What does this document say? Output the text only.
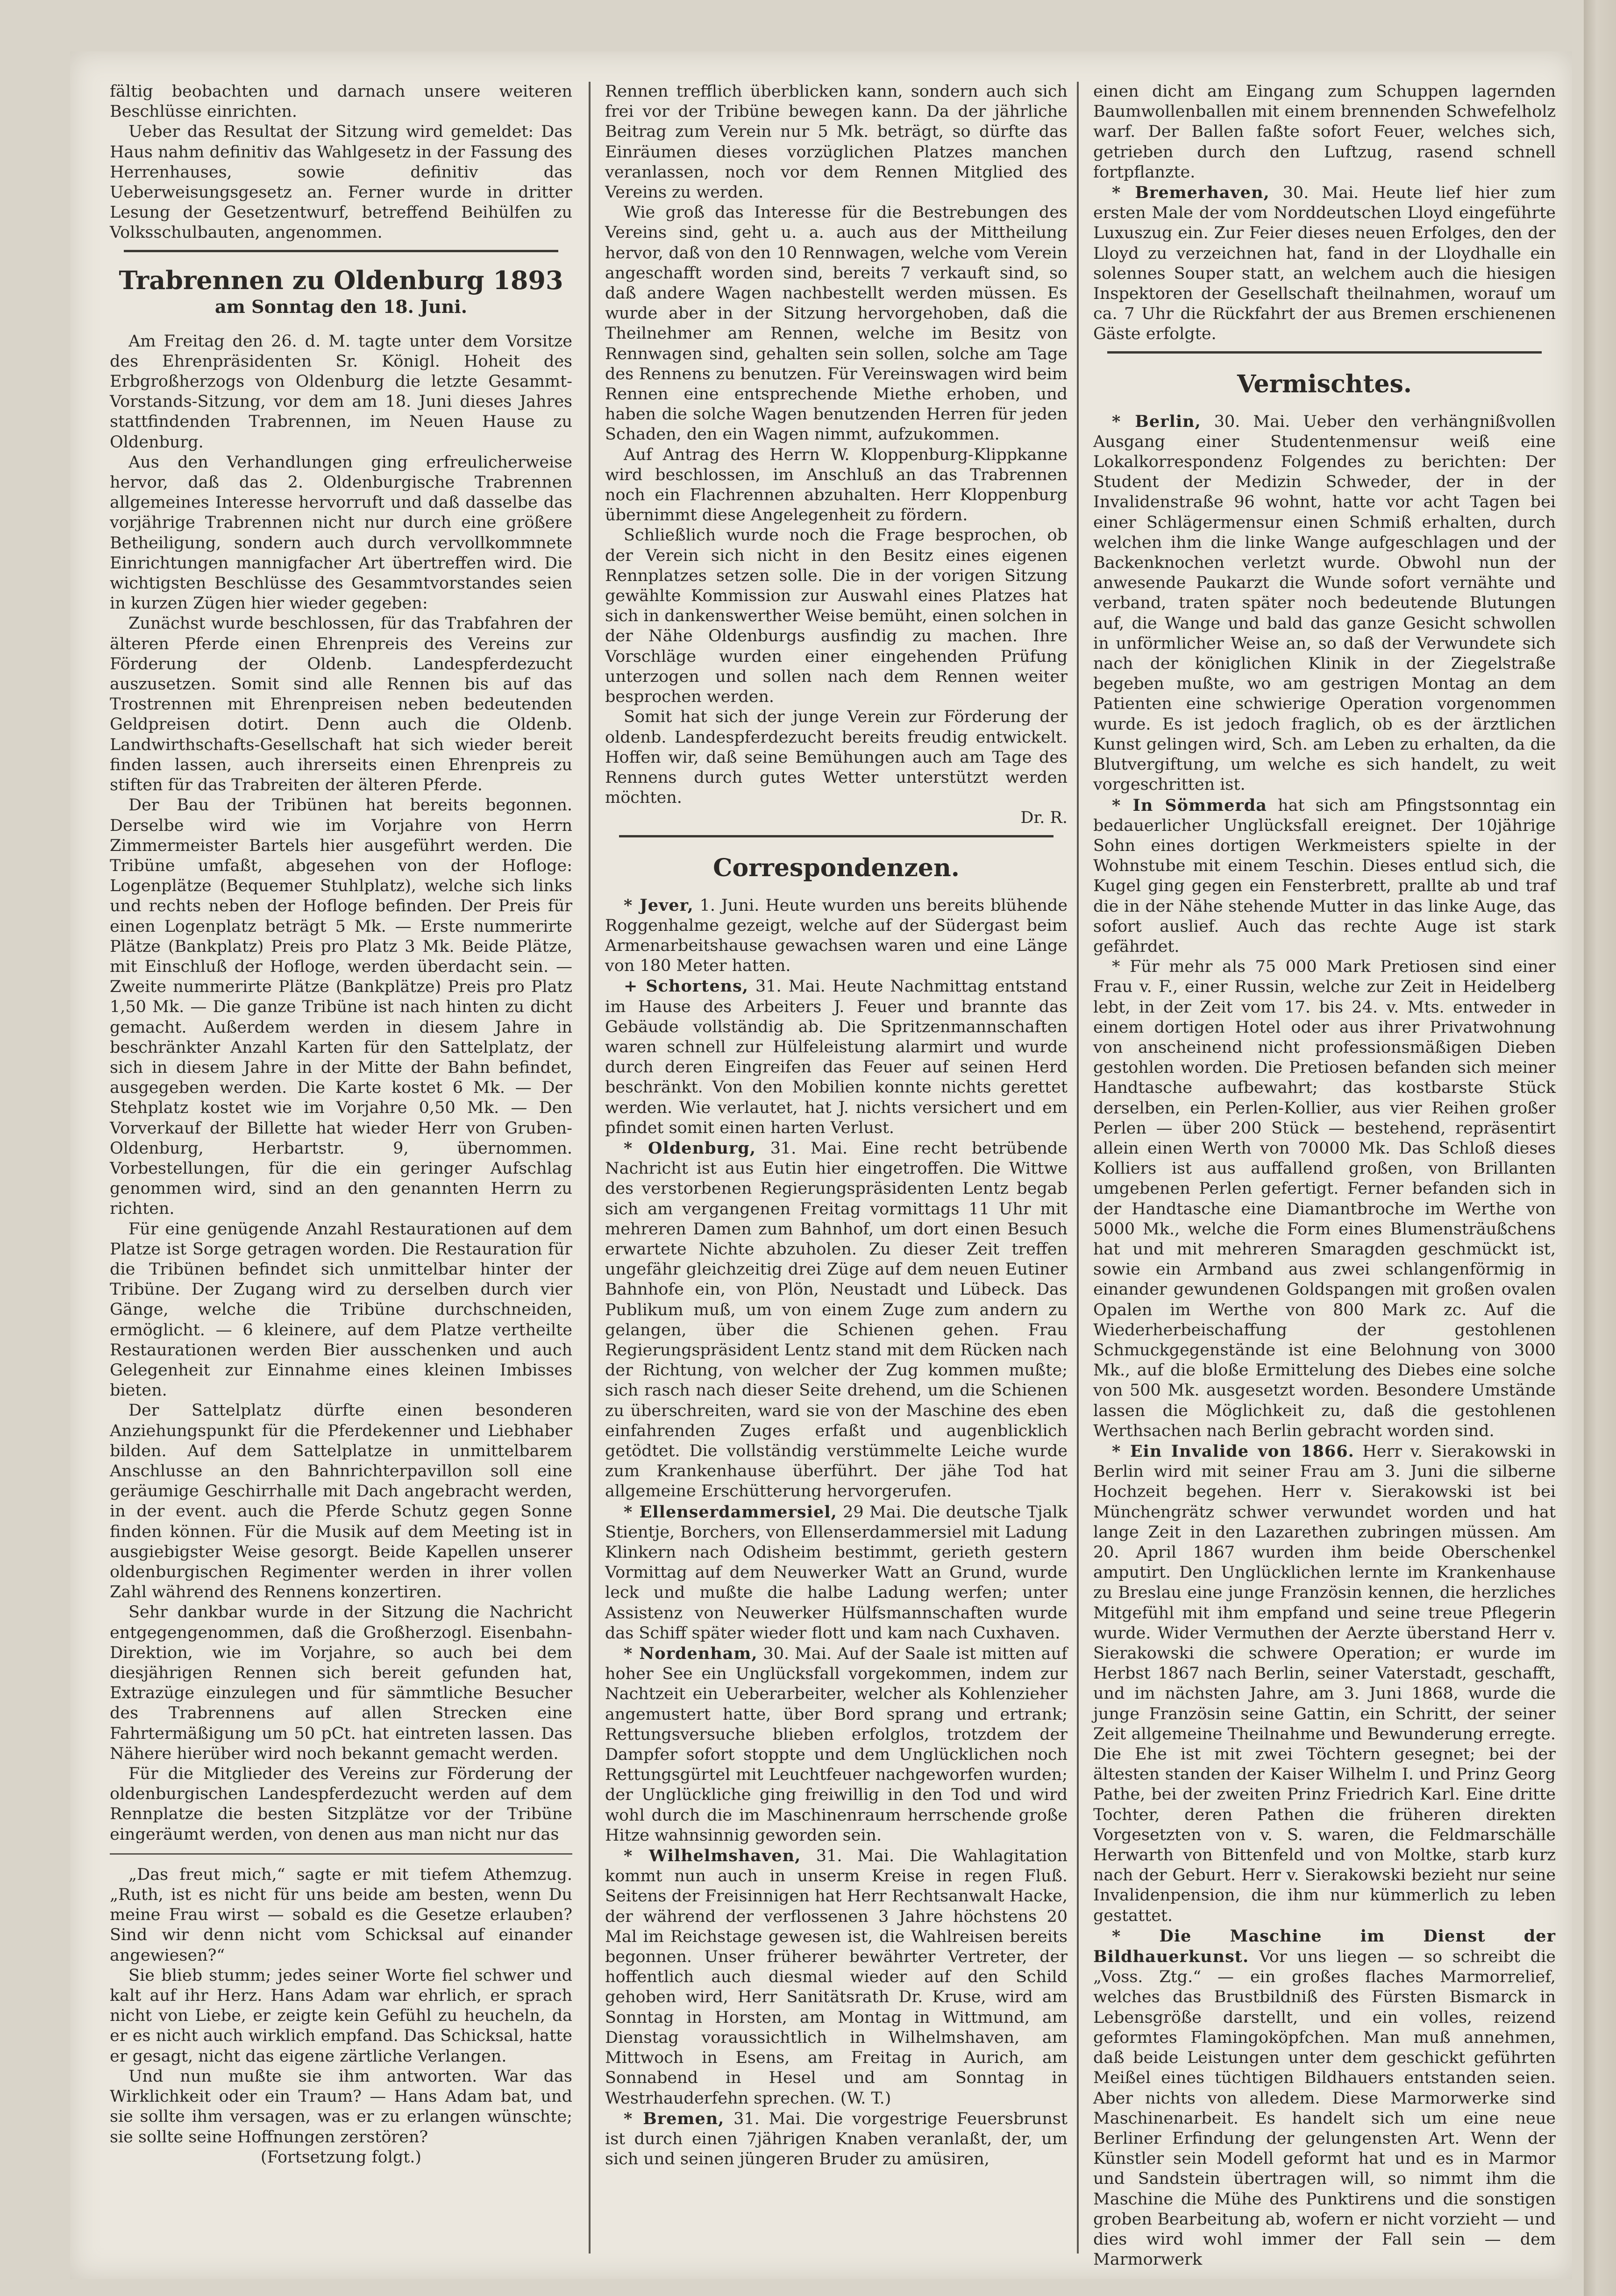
fältig beobachten und darnach unsere weiteren Beschlüsse einrichten.

Ueber das Resultat der Sitzung wird gemeldet: Das Haus nahm definitiv das Wahlgesetz in der Fassung des Herrenhauses, sowie definitiv das Ueberweisungsgesetz an. Ferner wurde in dritter Lesung der Gesetzentwurf, betreffend Beihülfen zu Volksschulbauten, angenommen.

Trabrennen zu Oldenburg 1893
am Sonntag den 18. Juni.

Am Freitag den 26. d. M. tagte unter dem Vorsitze des Ehrenpräsidenten Sr. Königl. Hoheit des Erbgroßherzogs von Oldenburg die letzte Gesammt-Vorstands-Sitzung, vor dem am 18. Juni dieses Jahres stattfindenden Trabrennen, im Neuen Hause zu Oldenburg.

Aus den Verhandlungen ging erfreulicherweise hervor, daß das 2. Oldenburgische Trabrennen allgemeines Interesse hervorruft und daß dasselbe das vorjährige Trabrennen nicht nur durch eine größere Betheiligung, sondern auch durch vervollkommnete Einrichtungen mannigfacher Art übertreffen wird. Die wichtigsten Beschlüsse des Gesammtvorstandes seien in kurzen Zügen hier wieder gegeben:

Zunächst wurde beschlossen, für das Trabfahren der älteren Pferde einen Ehrenpreis des Vereins zur Förderung der Oldenb. Landespferdezucht auszusetzen. Somit sind alle Rennen bis auf das Trostrennen mit Ehrenpreisen neben bedeutenden Geldpreisen dotirt. Denn auch die Oldenb. Landwirthschafts-Gesellschaft hat sich wieder bereit finden lassen, auch ihrerseits einen Ehrenpreis zu stiften für das Trabreiten der älteren Pferde.

Der Bau der Tribünen hat bereits begonnen. Derselbe wird wie im Vorjahre von Herrn Zimmermeister Bartels hier ausgeführt werden. Die Tribüne umfaßt, abgesehen von der Hofloge: Logenplätze (Bequemer Stuhlplatz), welche sich links und rechts neben der Hofloge befinden. Der Preis für einen Logenplatz beträgt 5 Mk. — Erste nummerirte Plätze (Bankplatz) Preis pro Platz 3 Mk. Beide Plätze, mit Einschluß der Hofloge, werden überdacht sein. — Zweite nummerirte Plätze (Bankplätze) Preis pro Platz 1,50 Mk. — Die ganze Tribüne ist nach hinten zu dicht gemacht. Außerdem werden in diesem Jahre in beschränkter Anzahl Karten für den Sattelplatz, der sich in diesem Jahre in der Mitte der Bahn befindet, ausgegeben werden. Die Karte kostet 6 Mk. — Der Stehplatz kostet wie im Vorjahre 0,50 Mk. — Den Vorverkauf der Billette hat wieder Herr von Gruben-Oldenburg, Herbartstr. 9, übernommen. Vorbestellungen, für die ein geringer Aufschlag genommen wird, sind an den genannten Herrn zu richten.

Für eine genügende Anzahl Restaurationen auf dem Platze ist Sorge getragen worden. Die Restauration für die Tribünen befindet sich unmittelbar hinter der Tribüne. Der Zugang wird zu derselben durch vier Gänge, welche die Tribüne durchschneiden, ermöglicht. — 6 kleinere, auf dem Platze vertheilte Restaurationen werden Bier ausschenken und auch Gelegenheit zur Einnahme eines kleinen Imbisses bieten.

Der Sattelplatz dürfte einen besonderen Anziehungspunkt für die Pferdekenner und Liebhaber bilden. Auf dem Sattelplatze in unmittelbarem Anschlusse an den Bahnrichterpavillon soll eine geräumige Geschirrhalle mit Dach angebracht werden, in der event. auch die Pferde Schutz gegen Sonne finden können. Für die Musik auf dem Meeting ist in ausgiebigster Weise gesorgt. Beide Kapellen unserer oldenburgischen Regimenter werden in ihrer vollen Zahl während des Rennens konzertiren.

Sehr dankbar wurde in der Sitzung die Nachricht entgegengenommen, daß die Großherzogl. Eisenbahn-Direktion, wie im Vorjahre, so auch bei dem diesjährigen Rennen sich bereit gefunden hat, Extrazüge einzulegen und für sämmtliche Besucher des Trabrennens auf allen Strecken eine Fahrtermäßigung um 50 pCt. hat eintreten lassen. Das Nähere hierüber wird noch bekannt gemacht werden.

Für die Mitglieder des Vereins zur Förderung der oldenburgischen Landespferdezucht werden auf dem Rennplatze die besten Sitzplätze vor der Tribüne eingeräumt werden, von denen aus man nicht nur das

„Das freut mich,“ sagte er mit tiefem Athemzug. „Ruth, ist es nicht für uns beide am besten, wenn Du meine Frau wirst — sobald es die Gesetze erlauben? Sind wir denn nicht vom Schicksal auf einander angewiesen?“

Sie blieb stumm; jedes seiner Worte fiel schwer und kalt auf ihr Herz. Hans Adam war ehrlich, er sprach nicht von Liebe, er zeigte kein Gefühl zu heucheln, da er es nicht auch wirklich empfand. Das Schicksal, hatte er gesagt, nicht das eigene zärtliche Verlangen.

Und nun mußte sie ihm antworten. War das Wirklichkeit oder ein Traum? — Hans Adam bat, und sie sollte ihm versagen, was er zu erlangen wünschte; sie sollte seine Hoffnungen zerstören?

(Fortsetzung folgt.)

Rennen trefflich überblicken kann, sondern auch sich frei vor der Tribüne bewegen kann. Da der jährliche Beitrag zum Verein nur 5 Mk. beträgt, so dürfte das Einräumen dieses vorzüglichen Platzes manchen veranlassen, noch vor dem Rennen Mitglied des Vereins zu werden.

Wie groß das Interesse für die Bestrebungen des Vereins sind, geht u. a. auch aus der Mittheilung hervor, daß von den 10 Rennwagen, welche vom Verein angeschafft worden sind, bereits 7 verkauft sind, so daß andere Wagen nachbestellt werden müssen. Es wurde aber in der Sitzung hervorgehoben, daß die Theilnehmer am Rennen, welche im Besitz von Rennwagen sind, gehalten sein sollen, solche am Tage des Rennens zu benutzen. Für Vereinswagen wird beim Rennen eine entsprechende Miethe erhoben, und haben die solche Wagen benutzenden Herren für jeden Schaden, den ein Wagen nimmt, aufzukommen.

Auf Antrag des Herrn W. Kloppenburg-Klippkanne wird beschlossen, im Anschluß an das Trabrennen noch ein Flachrennen abzuhalten. Herr Kloppenburg übernimmt diese Angelegenheit zu fördern.

Schließlich wurde noch die Frage besprochen, ob der Verein sich nicht in den Besitz eines eigenen Rennplatzes setzen solle. Die in der vorigen Sitzung gewählte Kommission zur Auswahl eines Platzes hat sich in dankenswerther Weise bemüht, einen solchen in der Nähe Oldenburgs ausfindig zu machen. Ihre Vorschläge wurden einer eingehenden Prüfung unterzogen und sollen nach dem Rennen weiter besprochen werden.

Somit hat sich der junge Verein zur Förderung der oldenb. Landespferdezucht bereits freudig entwickelt. Hoffen wir, daß seine Bemühungen auch am Tage des Rennens durch gutes Wetter unterstützt werden möchten.

Dr. R.

Correspondenzen.

* Jever, 1. Juni. Heute wurden uns bereits blühende Roggenhalme gezeigt, welche auf der Südergast beim Armenarbeitshause gewachsen waren und eine Länge von 180 Meter hatten.

+ Schortens, 31. Mai. Heute Nachmittag entstand im Hause des Arbeiters J. Feuer und brannte das Gebäude vollständig ab. Die Spritzenmannschaften waren schnell zur Hülfeleistung alarmirt und wurde durch deren Eingreifen das Feuer auf seinen Herd beschränkt. Von den Mobilien konnte nichts gerettet werden. Wie verlautet, hat J. nichts versichert und em pfindet somit einen harten Verlust.

* Oldenburg, 31. Mai. Eine recht betrübende Nachricht ist aus Eutin hier eingetroffen. Die Wittwe des verstorbenen Regierungspräsidenten Lentz begab sich am vergangenen Freitag vormittags 11 Uhr mit mehreren Damen zum Bahnhof, um dort einen Besuch erwartete Nichte abzuholen. Zu dieser Zeit treffen ungefähr gleichzeitig drei Züge auf dem neuen Eutiner Bahnhofe ein, von Plön, Neustadt und Lübeck. Das Publikum muß, um von einem Zuge zum andern zu gelangen, über die Schienen gehen. Frau Regierungspräsident Lentz stand mit dem Rücken nach der Richtung, von welcher der Zug kommen mußte; sich rasch nach dieser Seite drehend, um die Schienen zu überschreiten, ward sie von der Maschine des eben einfahrenden Zuges erfaßt und augenblicklich getödtet. Die vollständig verstümmelte Leiche wurde zum Krankenhause überführt. Der jähe Tod hat allgemeine Erschütterung hervorgerufen.

* Ellenserdammersiel, 29 Mai. Die deutsche Tjalk Stientje, Borchers, von Ellenserdammersiel mit Ladung Klinkern nach Odisheim bestimmt, gerieth gestern Vormittag auf dem Neuwerker Watt an Grund, wurde leck und mußte die halbe Ladung werfen; unter Assistenz von Neuwerker Hülfsmannschaften wurde das Schiff später wieder flott und kam nach Cuxhaven.

* Nordenham, 30. Mai. Auf der Saale ist mitten auf hoher See ein Unglücksfall vorgekommen, indem zur Nachtzeit ein Ueberarbeiter, welcher als Kohlenzieher angemustert hatte, über Bord sprang und ertrank; Rettungsversuche blieben erfolglos, trotzdem der Dampfer sofort stoppte und dem Unglücklichen noch Rettungsgürtel mit Leuchtfeuer nachgeworfen wurden; der Unglückliche ging freiwillig in den Tod und wird wohl durch die im Maschinenraum herrschende große Hitze wahnsinnig geworden sein.

* Wilhelmshaven, 31. Mai. Die Wahlagitation kommt nun auch in unserm Kreise in regen Fluß. Seitens der Freisinnigen hat Herr Rechtsanwalt Hacke, der während der verflossenen 3 Jahre höchstens 20 Mal im Reichstage gewesen ist, die Wahlreisen bereits begonnen. Unser früherer bewährter Vertreter, der hoffentlich auch diesmal wieder auf den Schild gehoben wird, Herr Sanitätsrath Dr. Kruse, wird am Sonntag in Horsten, am Montag in Wittmund, am Dienstag voraussichtlich in Wilhelmshaven, am Mittwoch in Esens, am Freitag in Aurich, am Sonnabend in Hesel und am Sonntag in Westrhauderfehn sprechen. (W. T.)

* Bremen, 31. Mai. Die vorgestrige Feuersbrunst ist durch einen 7jährigen Knaben veranlaßt, der, um sich und seinen jüngeren Bruder zu amüsiren,

einen dicht am Eingang zum Schuppen lagernden Baumwollenballen mit einem brennenden Schwefelholz warf. Der Ballen faßte sofort Feuer, welches sich, getrieben durch den Luftzug, rasend schnell fortpflanzte.

* Bremerhaven, 30. Mai. Heute lief hier zum ersten Male der vom Norddeutschen Lloyd eingeführte Luxuszug ein. Zur Feier dieses neuen Erfolges, den der Lloyd zu verzeichnen hat, fand in der Lloydhalle ein solennes Souper statt, an welchem auch die hiesigen Inspektoren der Gesellschaft theilnahmen, worauf um ca. 7 Uhr die Rückfahrt der aus Bremen erschienenen Gäste erfolgte.

Vermischtes.

* Berlin, 30. Mai. Ueber den verhängnißvollen Ausgang einer Studentenmensur weiß eine Lokalkorrespondenz Folgendes zu berichten: Der Student der Medizin Schweder, der in der Invalidenstraße 96 wohnt, hatte vor acht Tagen bei einer Schlägermensur einen Schmiß erhalten, durch welchen ihm die linke Wange aufgeschlagen und der Backenknochen verletzt wurde. Obwohl nun der anwesende Paukarzt die Wunde sofort vernähte und verband, traten später noch bedeutende Blutungen auf, die Wange und bald das ganze Gesicht schwollen in unförmlicher Weise an, so daß der Verwundete sich nach der königlichen Klinik in der Ziegelstraße begeben mußte, wo am gestrigen Montag an dem Patienten eine schwierige Operation vorgenommen wurde. Es ist jedoch fraglich, ob es der ärztlichen Kunst gelingen wird, Sch. am Leben zu erhalten, da die Blutvergiftung, um welche es sich handelt, zu weit vorgeschritten ist.

* In Sömmerda hat sich am Pfingstsonntag ein bedauerlicher Unglücksfall ereignet. Der 10jährige Sohn eines dortigen Werkmeisters spielte in der Wohnstube mit einem Teschin. Dieses entlud sich, die Kugel ging gegen ein Fensterbrett, prallte ab und traf die in der Nähe stehende Mutter in das linke Auge, das sofort auslief. Auch das rechte Auge ist stark gefährdet.

* Für mehr als 75 000 Mark Pretiosen sind einer Frau v. F., einer Russin, welche zur Zeit in Heidelberg lebt, in der Zeit vom 17. bis 24. v. Mts. entweder in einem dortigen Hotel oder aus ihrer Privatwohnung von anscheinend nicht professionsmäßigen Dieben gestohlen worden. Die Pretiosen befanden sich meiner Handtasche aufbewahrt; das kostbarste Stück derselben, ein Perlen-Kollier, aus vier Reihen großer Perlen — über 200 Stück — bestehend, repräsentirt allein einen Werth von 70000 Mk. Das Schloß dieses Kolliers ist aus auffallend großen, von Brillanten umgebenen Perlen gefertigt. Ferner befanden sich in der Handtasche eine Diamantbroche im Werthe von 5000 Mk., welche die Form eines Blumensträußchens hat und mit mehreren Smaragden geschmückt ist, sowie ein Armband aus zwei schlangenförmig in einander gewundenen Goldspangen mit großen ovalen Opalen im Werthe von 800 Mark zc. Auf die Wiederherbeischaffung der gestohlenen Schmuckgegenstände ist eine Belohnung von 3000 Mk., auf die bloße Ermittelung des Diebes eine solche von 500 Mk. ausgesetzt worden. Besondere Umstände lassen die Möglichkeit zu, daß die gestohlenen Werthsachen nach Berlin gebracht worden sind.

* Ein Invalide von 1866. Herr v. Sierakowski in Berlin wird mit seiner Frau am 3. Juni die silberne Hochzeit begehen. Herr v. Sierakowski ist bei Münchengrätz schwer verwundet worden und hat lange Zeit in den Lazarethen zubringen müssen. Am 20. April 1867 wurden ihm beide Oberschenkel amputirt. Den Unglücklichen lernte im Krankenhause zu Breslau eine junge Französin kennen, die herzliches Mitgefühl mit ihm empfand und seine treue Pflegerin wurde. Wider Vermuthen der Aerzte überstand Herr v. Sierakowski die schwere Operation; er wurde im Herbst 1867 nach Berlin, seiner Vaterstadt, geschafft, und im nächsten Jahre, am 3. Juni 1868, wurde die junge Französin seine Gattin, ein Schritt, der seiner Zeit allgemeine Theilnahme und Bewunderung erregte. Die Ehe ist mit zwei Töchtern gesegnet; bei der ältesten standen der Kaiser Wilhelm I. und Prinz Georg Pathe, bei der zweiten Prinz Friedrich Karl. Eine dritte Tochter, deren Pathen die früheren direkten Vorgesetzten von v. S. waren, die Feldmarschälle Herwarth von Bittenfeld und von Moltke, starb kurz nach der Geburt. Herr v. Sierakowski bezieht nur seine Invalidenpension, die ihm nur kümmerlich zu leben gestattet.

* Die Maschine im Dienst der Bildhauerkunst. Vor uns liegen — so schreibt die „Voss. Ztg.“ — ein großes flaches Marmorrelief, welches das Brustbildniß des Fürsten Bismarck in Lebensgröße darstellt, und ein volles, reizend geformtes Flamingoköpfchen. Man muß annehmen, daß beide Leistungen unter dem geschickt geführten Meißel eines tüchtigen Bildhauers entstanden seien. Aber nichts von alledem. Diese Marmorwerke sind Maschinenarbeit. Es handelt sich um eine neue Berliner Erfindung der gelungensten Art. Wenn der Künstler sein Modell geformt hat und es in Marmor und Sandstein übertragen will, so nimmt ihm die Maschine die Mühe des Punktirens und die sonstigen groben Bearbeitung ab, wofern er nicht vorzieht — und dies wird wohl immer der Fall sein — dem Marmorwerk
